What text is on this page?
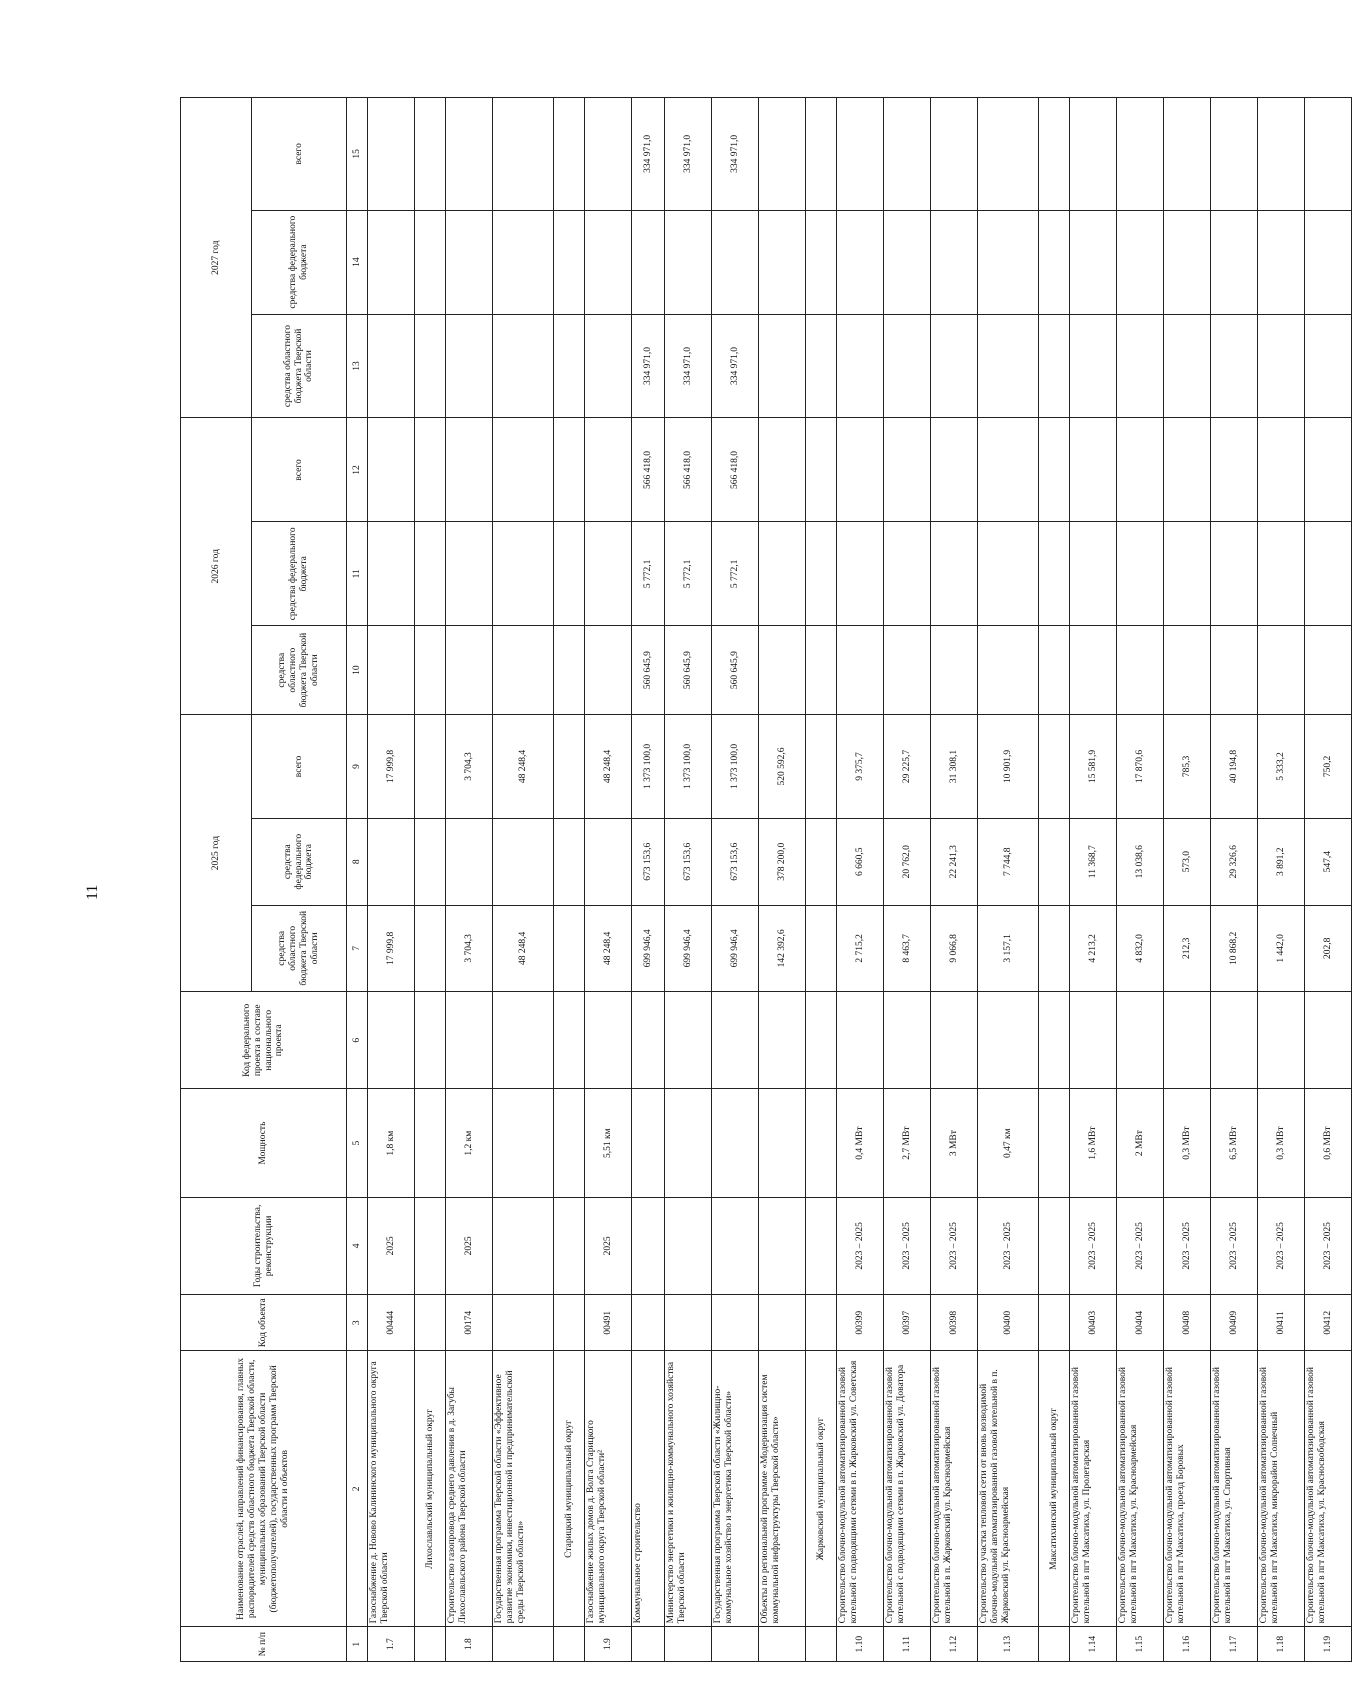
11
№ п/п	Наименование отраслей, направлений финансирования, главных распорядителей средств областного бюджета Тверской области, муниципальных образований Тверской области (бюджетополучателей), государственных программ Тверской области и объектов	Код объекта	Годы строительства, реконструкции	Мощность	Код федерального проекта в составе национального проекта	2025 год			2026 год			2027 год		
						средства областного бюджета Тверской области	средства федерального бюджета	всего	средства областного бюджета Тверской области	средства федерального бюджета	всего	средства областного бюджета Тверской области	средства федерального бюджета	всего
1	2	3	4	5	6	7	8	9	10	11	12	13	14	15
1.7	Газоснабжение д. Новово Калининского муниципального округа Тверской области	00444	2025	1,8 км		17 999,8		17 999,8						
	Лихославльский муниципальный округ													
1.8	Строительство газопровода среднего давления в д. Загубы Лихославльского района Тверской области	00174	2025	1,2 км		3 704,3		3 704,3						
	Государственная программа Тверской области «Эффективное развитие экономики, инвестиционной и предпринимательской среды Тверской области»					48 248,4		48 248,4						
	Старицкий муниципальный округ													
1.9	Газоснабжение жилых домов д. Волга Старицкого муниципального округа Тверской области²	00491	2025	5,51 км		48 248,4		48 248,4						
	Коммунальное строительство					699 946,4	673 153,6	1 373 100,0	560 645,9	5 772,1	566 418,0	334 971,0		334 971,0
	Министерство энергетики и жилищно-коммунального хозяйства Тверской области					699 946,4	673 153,6	1 373 100,0	560 645,9	5 772,1	566 418,0	334 971,0		334 971,0
	Государственная программа Тверской области «Жилищно-коммунальное хозяйство и энергетика Тверской области»					699 946,4	673 153,6	1 373 100,0	560 645,9	5 772,1	566 418,0	334 971,0		334 971,0
	Объекты по региональной программе «Модернизация систем коммунальной инфраструктуры Тверской области»					142 392,6	378 200,0	520 592,6						
	Жарковский муниципальный округ													
1.10	Строительство блочно-модульной автоматизированной газовой котельной с подводящими сетями в п. Жарковский ул. Советская	00399	2023 – 2025	0,4 МВт		2 715,2	6 660,5	9 375,7						
1.11	Строительство блочно-модульной автоматизированной газовой котельной с подводящими сетями в п. Жарковский ул. Доватора	00397	2023 – 2025	2,7 МВт		8 463,7	20 762,0	29 225,7						
1.12	Строительство блочно-модульной автоматизированной газовой котельной в п. Жарковский ул. Красноармейская	00398	2023 – 2025	3 МВт		9 066,8	22 241,3	31 308,1						
1.13	Строительство участка тепловой сети от вновь возводимой блочно-модульной автоматизированной газовой котельной в п. Жарковский ул. Красноармейская	00400	2023 – 2025	0,47 км		3 157,1	7 744,8	10 901,9						
	Максатихинский муниципальный округ													
1.14	Строительство блочно-модульной автоматизированной газовой котельной в пгт Максатиха, ул. Пролетарская	00403	2023 – 2025	1,6 МВт		4 213,2	11 368,7	15 581,9						
1.15	Строительство блочно-модульной автоматизированной газовой котельной в пгт Максатиха, ул. Красноармейская	00404	2023 – 2025	2 МВт		4 832,0	13 038,6	17 870,6						
1.16	Строительство блочно-модульной автоматизированной газовой котельной в пгт Максатиха, проезд Боровых	00408	2023 – 2025	0,3 МВт		212,3	573,0	785,3						
1.17	Строительство блочно-модульной автоматизированной газовой котельной в пгт Максатиха, ул. Спортивная	00409	2023 – 2025	6,5 МВт		10 868,2	29 326,6	40 194,8						
1.18	Строительство блочно-модульной автоматизированной газовой котельной в пгт Максатиха, микрорайон Солнечный	00411	2023 – 2025	0,3 МВт		1 442,0	3 891,2	5 333,2						
1.19	Строительство блочно-модульной автоматизированной газовой котельной в пгт Максатиха, ул. Красносвободская	00412	2023 – 2025	0,6 МВт		202,8	547,4	750,2						
